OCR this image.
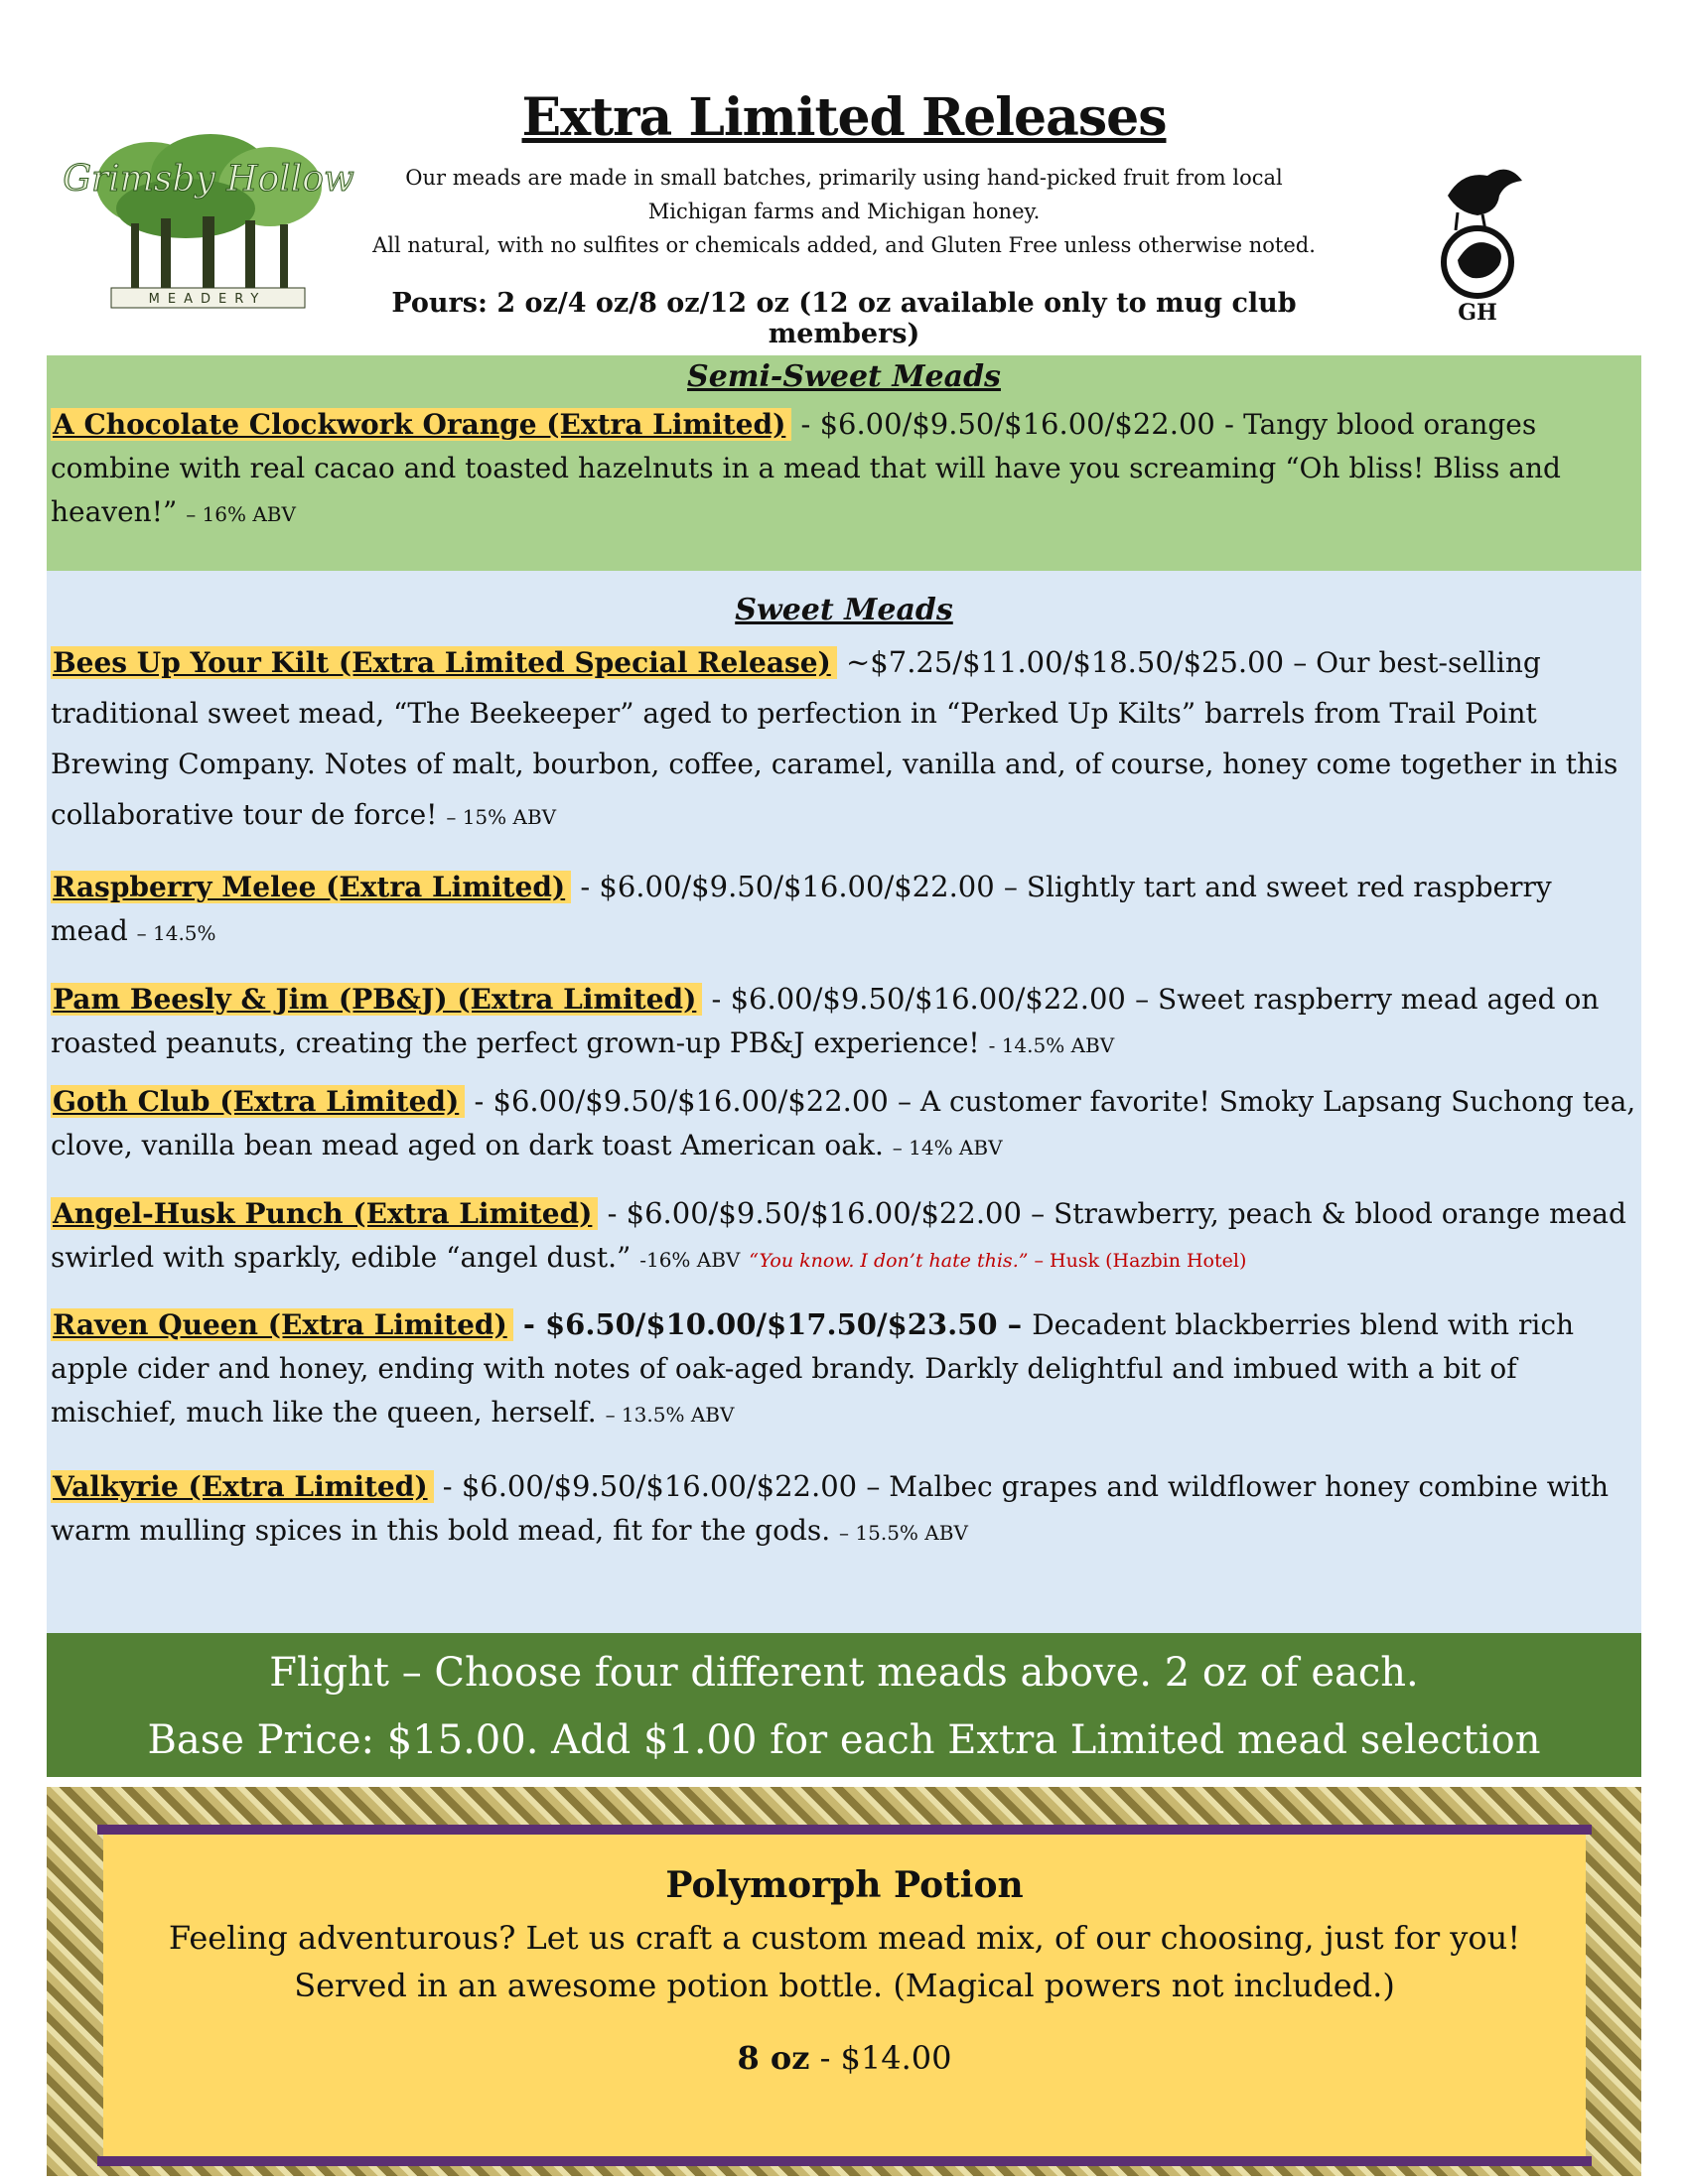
Grimsby Hollow
MEADERY
Extra Limited Releases
Our meads are made in small batches, primarily using hand-picked fruit from local
Michigan farms and Michigan honey.
All natural, with no sulfites or chemicals added, and Gluten Free unless otherwise noted.
Pours: 2 oz/4 oz/8 oz/12 oz (12 oz available only to mug club members)
GH

Semi-Sweet Meads

A Chocolate Clockwork Orange (Extra Limited) - $6.00/$9.50/$16.00/$22.00 - Tangy blood oranges combine with real cacao and toasted hazelnuts in a mead that will have you screaming “Oh bliss! Bliss and heaven!” – 16% ABV

Sweet Meads

Bees Up Your Kilt (Extra Limited Special Release) ~$7.25/$11.00/$18.50/$25.00 – Our best-selling traditional sweet mead, “The Beekeeper” aged to perfection in “Perked Up Kilts” barrels from Trail Point Brewing Company. Notes of malt, bourbon, coffee, caramel, vanilla and, of course, honey come together in this collaborative tour de force! – 15% ABV

Raspberry Melee (Extra Limited) - $6.00/$9.50/$16.00/$22.00 – Slightly tart and sweet red raspberry mead – 14.5%

Pam Beesly & Jim (PB&J) (Extra Limited) - $6.00/$9.50/$16.00/$22.00 – Sweet raspberry mead aged on roasted peanuts, creating the perfect grown-up PB&J experience! - 14.5% ABV

Goth Club (Extra Limited) - $6.00/$9.50/$16.00/$22.00 – A customer favorite! Smoky Lapsang Suchong tea, clove, vanilla bean mead aged on dark toast American oak. – 14% ABV

Angel-Husk Punch (Extra Limited) - $6.00/$9.50/$16.00/$22.00 – Strawberry, peach & blood orange mead swirled with sparkly, edible “angel dust.” -16% ABV “You know. I don’t hate this.” – Husk (Hazbin Hotel)

Raven Queen (Extra Limited) - $6.50/$10.00/$17.50/$23.50 – Decadent blackberries blend with rich apple cider and honey, ending with notes of oak-aged brandy. Darkly delightful and imbued with a bit of mischief, much like the queen, herself. – 13.5% ABV

Valkyrie (Extra Limited) - $6.00/$9.50/$16.00/$22.00 – Malbec grapes and wildflower honey combine with warm mulling spices in this bold mead, fit for the gods. – 15.5% ABV

Flight – Choose four different meads above. 2 oz of each.
Base Price: $15.00. Add $1.00 for each Extra Limited mead selection
Polymorph Potion

Feeling adventurous? Let us craft a custom mead mix, of our choosing, just for you!

Served in an awesome potion bottle. (Magical powers not included.)

8 oz - $14.00
